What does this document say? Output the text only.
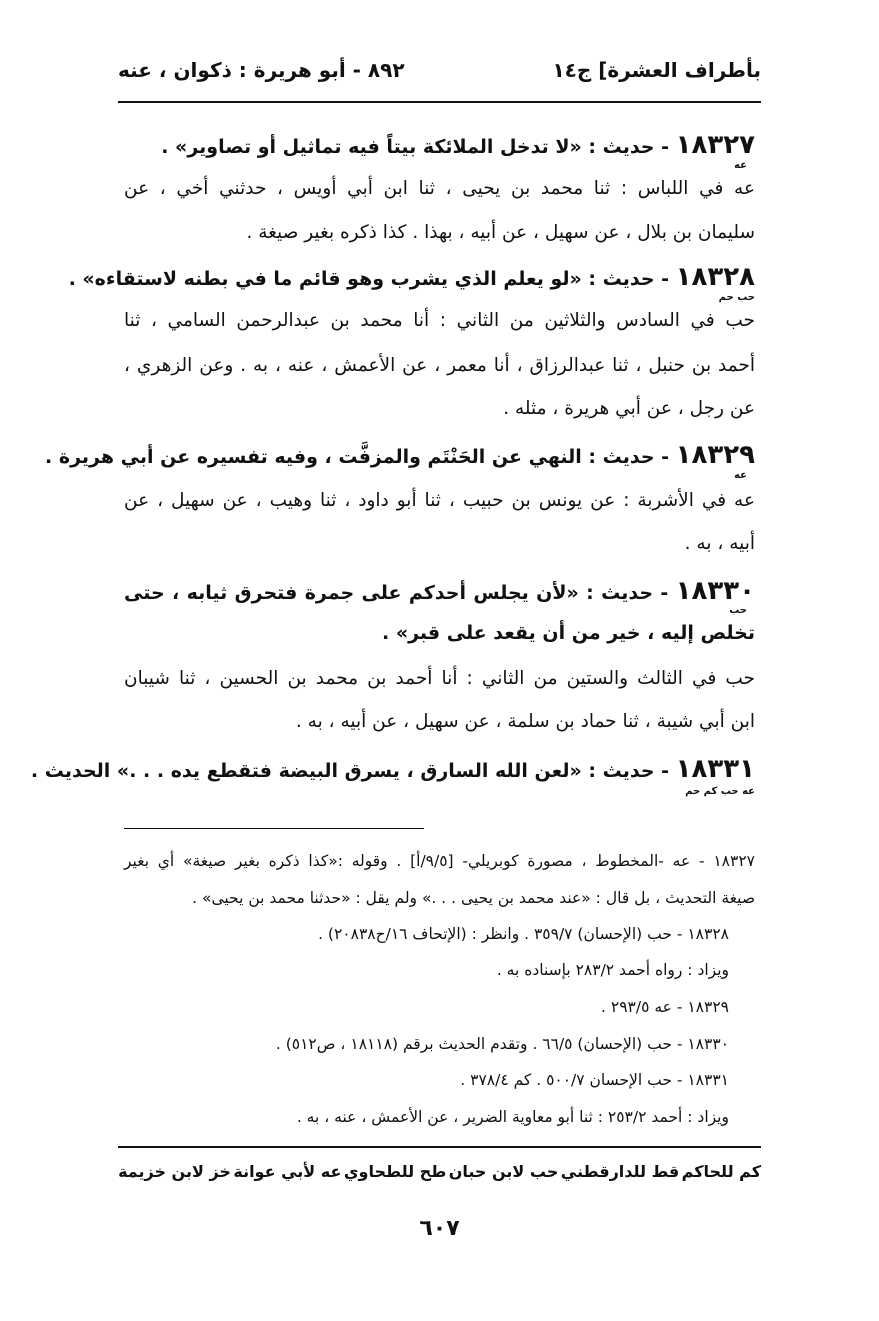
بأطراف العشرة] ج١٤
٨٩٢ - أبو هريرة : ذكوان ، عنه
١٨٣٢٧ - حديث : «لا تدخل الملائكة بيتاً فيه تماثيل أو تصاوير» .
عه
عه في اللباس : ثنا محمد بن يحيى ، ثنا ابن أبي أويس ، حدثني أخي ، عن
سليمان بن بلال ، عن سهيل ، عن أبيه ، بهذا . كذا ذكره بغير صيغة .
١٨٣٢٨ - حديث : «لو يعلم الذي يشرب وهو قائم ما في بطنه لاستقاءه» .
حب حم
حب في السادس والثلاثين من الثاني : أنا محمد بن عبدالرحمن السامي ، ثنا
أحمد بن حنبل ، ثنا عبدالرزاق ، أنا معمر ، عن الأعمش ، عنه ، به . وعن الزهري ،
عن رجل ، عن أبي هريرة ، مثله .
١٨٣٢٩ - حديث : النهي عن الحَنْتَم والمزفَّت ، وفيه تفسيره عن أبي هريرة .
عه
عه في الأشربة : عن يونس بن حبيب ، ثنا أبو داود ، ثنا وهيب ، عن سهيل ، عن
أبيه ، به .
١٨٣٣٠ - حديث : «لأن يجلس أحدكم على جمرة فتحرق ثيابه ، حتى
حب
تخلص إليه ، خير من أن يقعد على قبر» .
حب في الثالث والستين من الثاني : أنا أحمد بن محمد بن الحسين ، ثنا شيبان
ابن أبي شيبة ، ثنا حماد بن سلمة ، عن سهيل ، عن أبيه ، به .
١٨٣٣١ - حديث : «لعن الله السارق ، يسرق البيضة فتقطع يده . . .» الحديث .
عه حب كم حم
١٨٣٢٧ - عه -المخطوط ، مصورة كوبريلي- [٩/٥/أ] . وقوله :«كذا ذكره بغير صيغة» أي بغير
صيغة التحديث ، بل قال : «عند محمد بن يحيى . . .» ولم يقل : «حدثنا محمد بن يحيى» .
١٨٣٢٨ - حب (الإحسان) ٣٥٩/٧ . وانظر : (الإتحاف ١٦/ح٢٠٨٣٨) .
ويزاد : رواه أحمد ٢٨٣/٢ بإسناده به .
١٨٣٢٩ - عه ٢٩٣/٥ .
١٨٣٣٠ - حب (الإحسان) ٦٦/٥ . وتقدم الحديث برقم (١٨١١٨ ، ص٥١٢) .
١٨٣٣١ - حب الإحسان ٥٠٠/٧ . كم ٣٧٨/٤ .
ويزاد : أحمد ٢٥٣/٢ : ثنا أبو معاوية الضرير ، عن الأعمش ، عنه ، به .
خز لابن خزيمة عه لأبي عوانة طح للطحاوي حب لابن حبان قط للدارقطني كم للحاكم
٦٠٧
